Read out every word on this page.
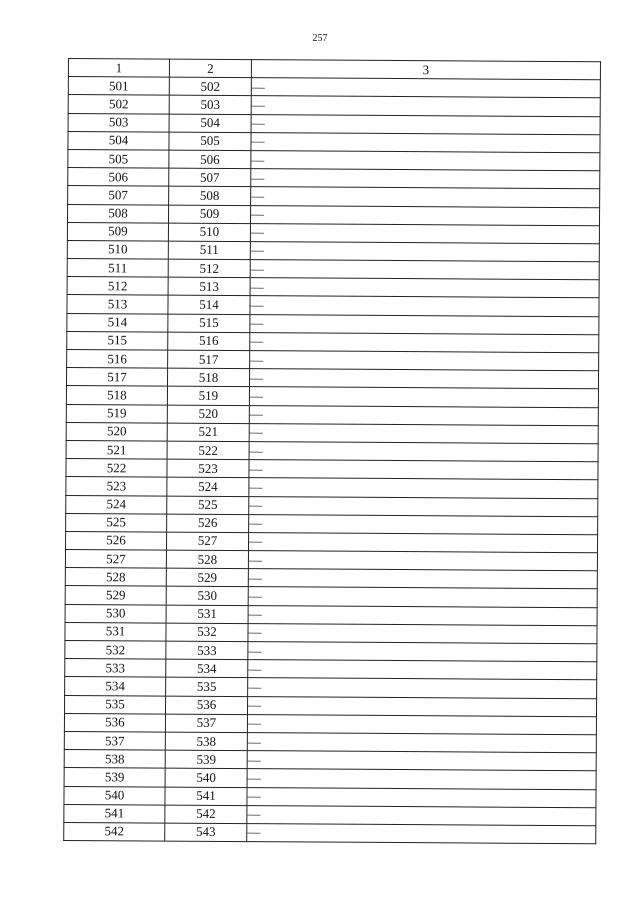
257
1	2	3
501	502	—
502	503	—
503	504	—
504	505	—
505	506	—
506	507	—
507	508	—
508	509	—
509	510	—
510	511	—
511	512	—
512	513	—
513	514	—
514	515	—
515	516	—
516	517	—
517	518	—
518	519	—
519	520	—
520	521	—
521	522	—
522	523	—
523	524	—
524	525	—
525	526	—
526	527	—
527	528	—
528	529	—
529	530	—
530	531	—
531	532	—
532	533	—
533	534	—
534	535	—
535	536	—
536	537	—
537	538	—
538	539	—
539	540	—
540	541	—
541	542	—
542	543	—
